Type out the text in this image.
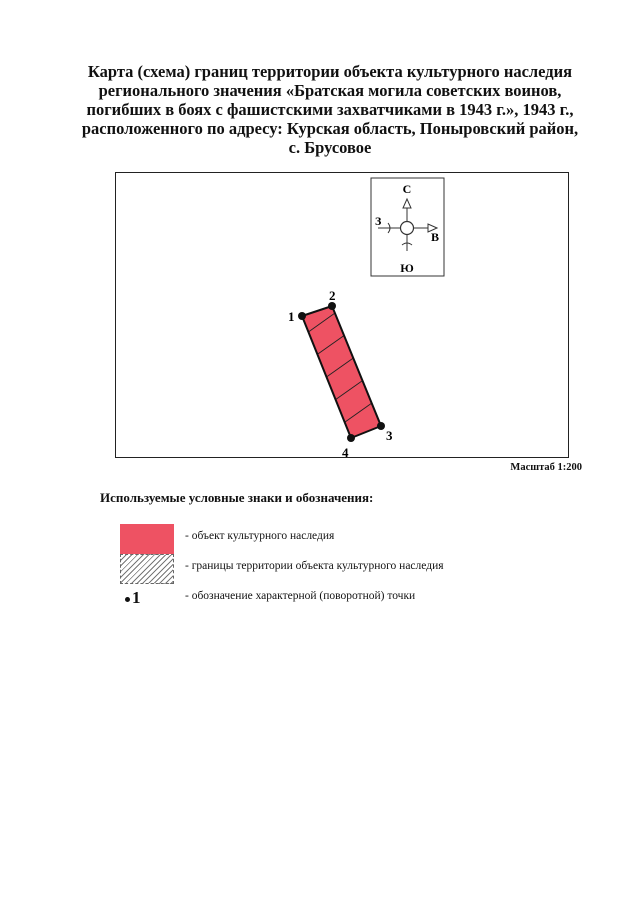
Карта (схема) границ территории объекта культурного наследия
регионального значения «Братская могила советских воинов,
погибших в боях с фашистскими захватчиками в 1943 г.», 1943 г.,
расположенного по адресу: Курская область, Поныровский район,
с. Брусовое
С
Ю
З
В
1
2
3
4
Масштаб 1:200
Используемые условные знаки и обозначения:
- объект культурного наследия
- границы территории объекта культурного наследия
1	- обозначение характерной (поворотной) точки
